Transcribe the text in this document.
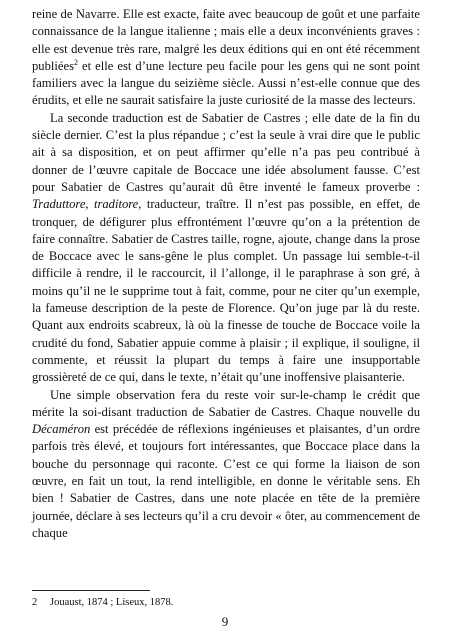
reine de Navarre. Elle est exacte, faite avec beaucoup de goût et une parfaite connaissance de la langue italienne ; mais elle a deux inconvénients graves : elle est devenue très rare, malgré les deux éditions qui en ont été récemment publiées$^2$ et elle est d’une lecture peu facile pour les gens qui ne sont point familiers avec la langue du seizième siècle. Aussi n’est-elle connue que des érudits, et elle ne saurait satisfaire la juste curiosité de la masse des lecteurs.

La seconde traduction est de Sabatier de Castres ; elle date de la fin du siècle dernier. C’est la plus répandue ; c’est la seule à vrai dire que le public ait à sa disposition, et on peut affirmer qu’elle n’a pas peu contribué à donner de l’œuvre capitale de Boccace une idée absolument fausse. C’est pour Sabatier de Castres qu’aurait dû être inventé le fameux proverbe : Traduttore, traditore, traducteur, traître. Il n’est pas possible, en effet, de tronquer, de défigurer plus effrontément l’œuvre qu’on a la prétention de faire connaître. Sabatier de Castres taille, rogne, ajoute, change dans la prose de Boccace avec le sans-gêne le plus complet. Un passage lui semble-t-il difficile à rendre, il le raccourcit, il l’allonge, il le paraphrase à son gré, à moins qu’il ne le supprime tout à fait, comme, pour ne citer qu’un exemple, la fameuse description de la peste de Florence. Qu’on juge par là du reste. Quant aux endroits scabreux, là où la finesse de touche de Boccace voile la crudité du fond, Sabatier appuie comme à plaisir ; il explique, il souligne, il commente, et réussit la plupart du temps à faire une insupportable grossièreté de ce qui, dans le texte, n’était qu’une inoffensive plaisanterie.

Une simple observation fera du reste voir sur-le-champ le crédit que mérite la soi-disant traduction de Sabatier de Castres. Chaque nouvelle du Décaméron est précédée de réflexions ingénieuses et plaisantes, d’un ordre parfois très élevé, et toujours fort intéressantes, que Boccace place dans la bouche du personnage qui raconte. C’est ce qui forme la liaison de son œuvre, en fait un tout, la rend intelligible, en donne le véritable sens. Eh bien ! Sabatier de Castres, dans une note placée en tête de la première journée, déclare à ses lecteurs qu’il a cru devoir « ôter, au commencement de chaque

2 Jouaust, 1874 ; Liseux, 1878.
9
